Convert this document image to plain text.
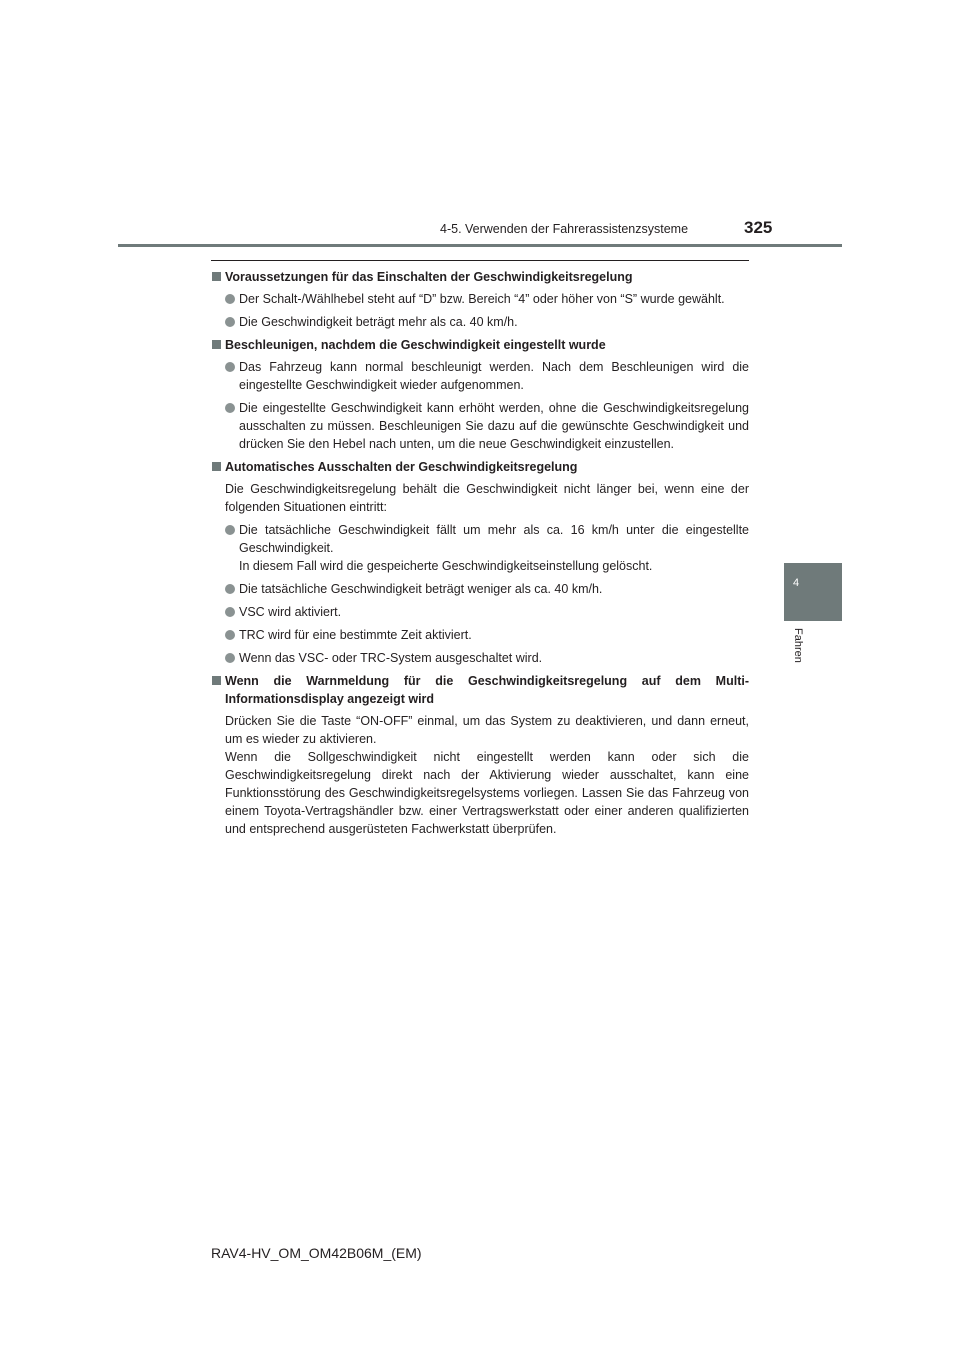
4-5. Verwenden der Fahrerassistenzsysteme	325
4
Fahren

Voraussetzungen für das Einschalten der Geschwindigkeitsregelung

Der Schalt-/Wählhebel steht auf “D” bzw. Bereich “4” oder höher von “S” wurde gewählt.

Die Geschwindigkeit beträgt mehr als ca. 40 km/h.

Beschleunigen, nachdem die Geschwindigkeit eingestellt wurde

Das Fahrzeug kann normal beschleunigt werden. Nach dem Beschleunigen wird die eingestellte Geschwindigkeit wieder aufgenommen.

Die eingestellte Geschwindigkeit kann erhöht werden, ohne die Geschwindigkeitsregelung ausschalten zu müssen. Beschleunigen Sie dazu auf die gewünschte Geschwindigkeit und drücken Sie den Hebel nach unten, um die neue Geschwindigkeit einzustellen.

Automatisches Ausschalten der Geschwindigkeitsregelung

Die Geschwindigkeitsregelung behält die Geschwindigkeit nicht länger bei, wenn eine der folgenden Situationen eintritt:

Die tatsächliche Geschwindigkeit fällt um mehr als ca. 16 km/h unter die eingestellte Geschwindigkeit.
In diesem Fall wird die gespeicherte Geschwindigkeitseinstellung gelöscht.

Die tatsächliche Geschwindigkeit beträgt weniger als ca. 40 km/h.

VSC wird aktiviert.

TRC wird für eine bestimmte Zeit aktiviert.

Wenn das VSC- oder TRC-System ausgeschaltet wird.

Wenn die Warnmeldung für die Geschwindigkeitsregelung auf dem Multi-Informationsdisplay angezeigt wird

Drücken Sie die Taste “ON-OFF” einmal, um das System zu deaktivieren, und dann erneut, um es wieder zu aktivieren.
Wenn die Sollgeschwindigkeit nicht eingestellt werden kann oder sich die Geschwindigkeitsregelung direkt nach der Aktivierung wieder ausschaltet, kann eine Funktionsstörung des Geschwindigkeitsregelsystems vorliegen. Lassen Sie das Fahrzeug von einem Toyota-Vertragshändler bzw. einer Vertragswerkstatt oder einer anderen qualifizierten und entsprechend ausgerüsteten Fachwerkstatt überprüfen.

RAV4-HV_OM_OM42B06M_(EM)
